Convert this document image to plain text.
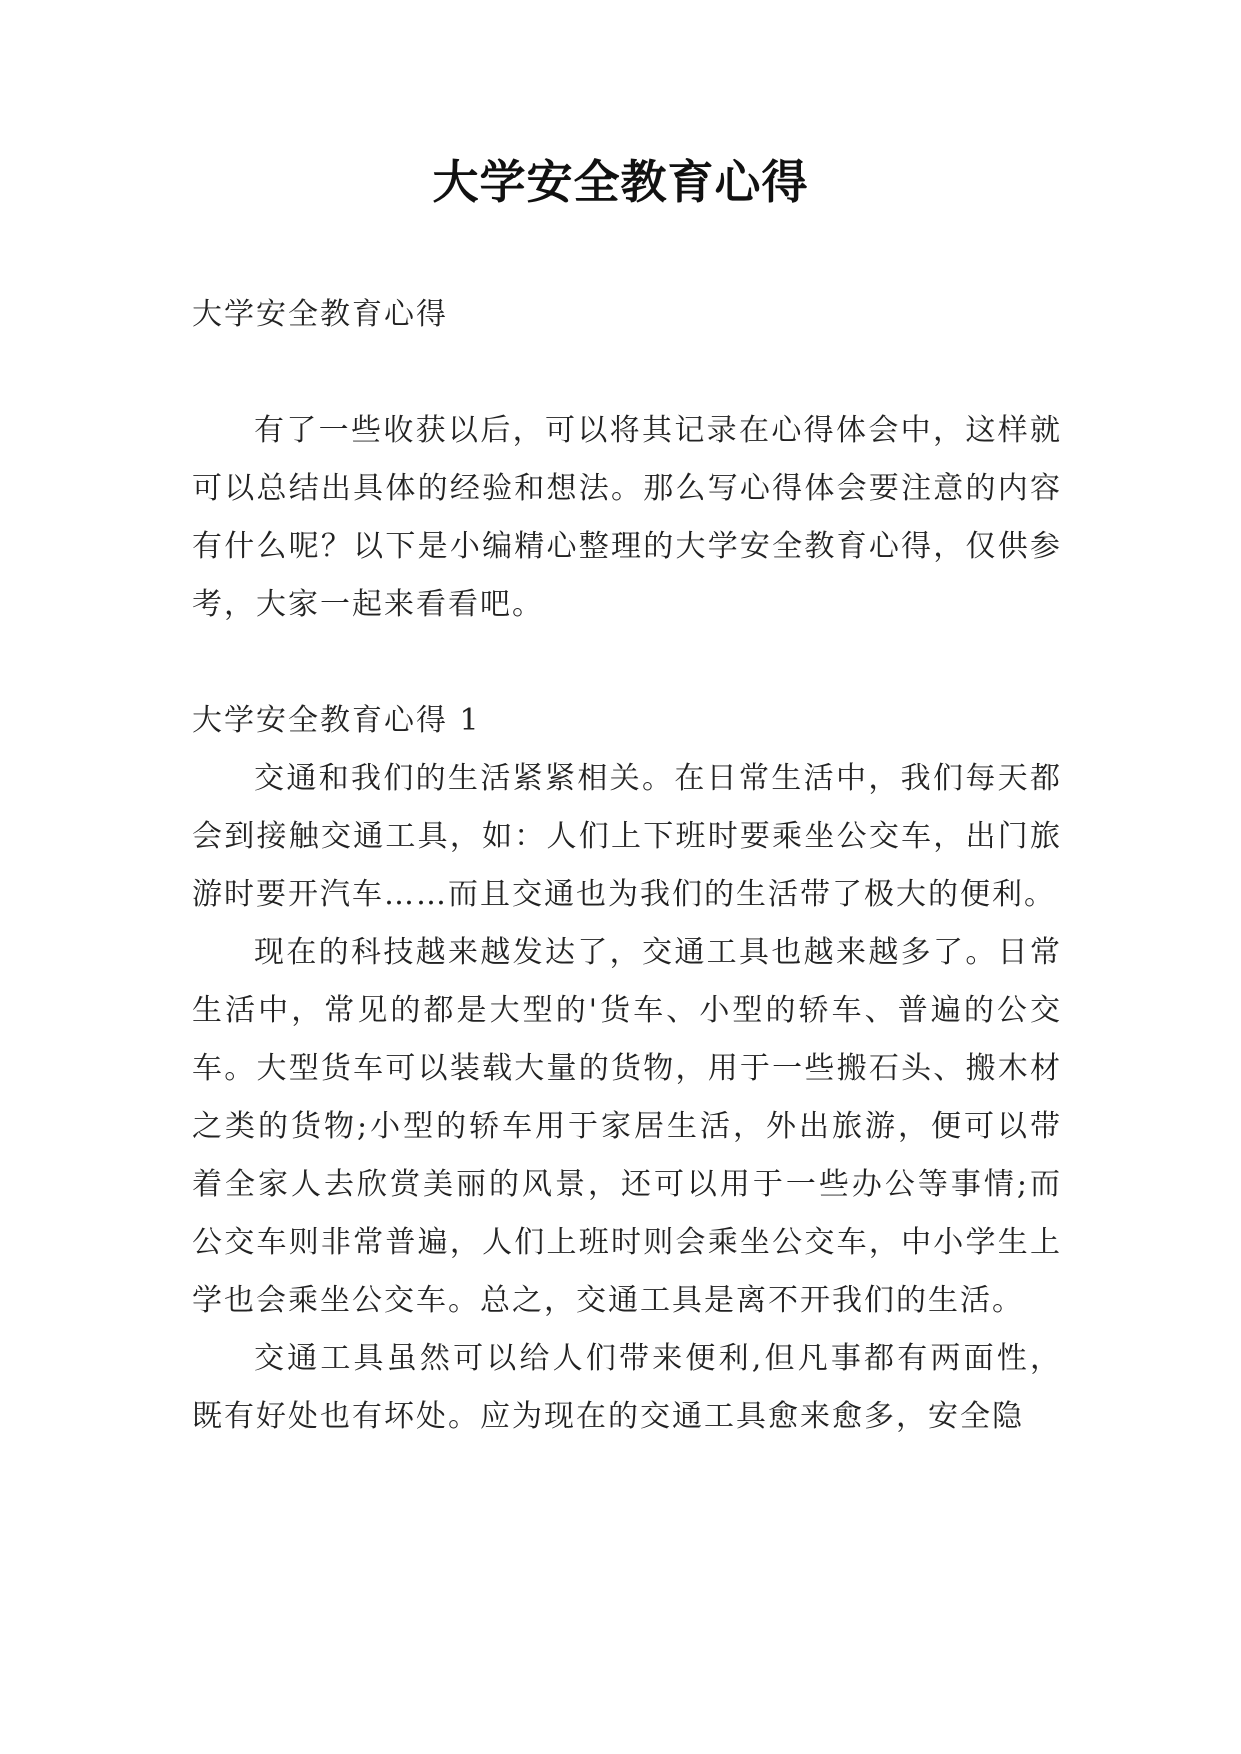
大学安全教育心得
大学安全教育心得

有了一些收获以后，可以将其记录在心得体会中，这样就可以总结出具体的经验和想法。那么写心得体会要注意的内容有什么呢？以下是小编精心整理的大学安全教育心得，仅供参考，大家一起来看看吧。

大学安全教育心得 1

交通和我们的生活紧紧相关。在日常生活中，我们每天都会到接触交通工具，如：人们上下班时要乘坐公交车，出门旅游时要开汽车……而且交通也为我们的生活带了极大的便利。

现在的科技越来越发达了，交通工具也越来越多了。日常生活中，常见的都是大型的'货车、小型的轿车、普遍的公交车。大型货车可以装载大量的货物，用于一些搬石头、搬木材之类的货物;小型的轿车用于家居生活，外出旅游，便可以带着全家人去欣赏美丽的风景，还可以用于一些办公等事情;而公交车则非常普遍，人们上班时则会乘坐公交车，中小学生上学也会乘坐公交车。总之，交通工具是离不开我们的生活。

交通工具虽然可以给人们带来便利,但凡事都有两面性，既有好处也有坏处。应为现在的交通工具愈来愈多，安全隐
